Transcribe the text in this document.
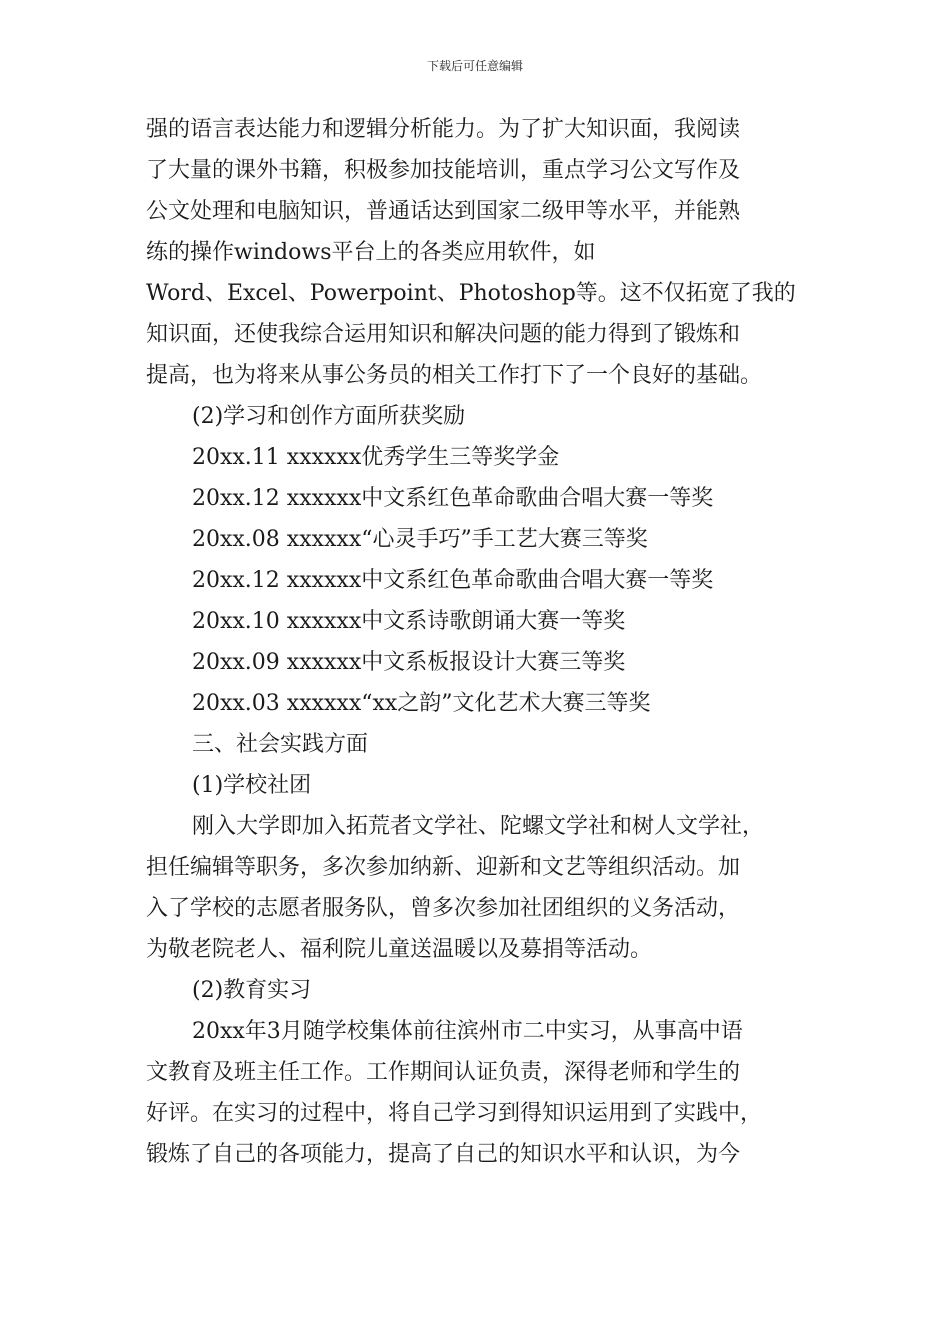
下载后可任意编辑
强的语言表达能力和逻辑分析能力。为了扩大知识面，我阅读
了大量的课外书籍，积极参加技能培训，重点学习公文写作及
公文处理和电脑知识，普通话达到国家二级甲等水平，并能熟
练的操作windows平台上的各类应用软件，如
Word、Excel、Powerpoint、Photoshop等。这不仅拓宽了我的
知识面，还使我综合运用知识和解决问题的能力得到了锻炼和
提高，也为将来从事公务员的相关工作打下了一个良好的基础。
(2)学习和创作方面所获奖励
20xx.11 xxxxxx优秀学生三等奖学金
20xx.12 xxxxxx中文系红色革命歌曲合唱大赛一等奖
20xx.08 xxxxxx“心灵手巧”手工艺大赛三等奖
20xx.12 xxxxxx中文系红色革命歌曲合唱大赛一等奖
20xx.10 xxxxxx中文系诗歌朗诵大赛一等奖
20xx.09 xxxxxx中文系板报设计大赛三等奖
20xx.03 xxxxxx“xx之韵”文化艺术大赛三等奖
三、社会实践方面
(1)学校社团
刚入大学即加入拓荒者文学社、陀螺文学社和树人文学社，
担任编辑等职务，多次参加纳新、迎新和文艺等组织活动。加
入了学校的志愿者服务队，曾多次参加社团组织的义务活动，
为敬老院老人、福利院儿童送温暖以及募捐等活动。
(2)教育实习
20xx年3月随学校集体前往滨州市二中实习，从事高中语
文教育及班主任工作。工作期间认证负责，深得老师和学生的
好评。在实习的过程中，将自己学习到得知识运用到了实践中，
锻炼了自己的各项能力，提高了自己的知识水平和认识，为今
